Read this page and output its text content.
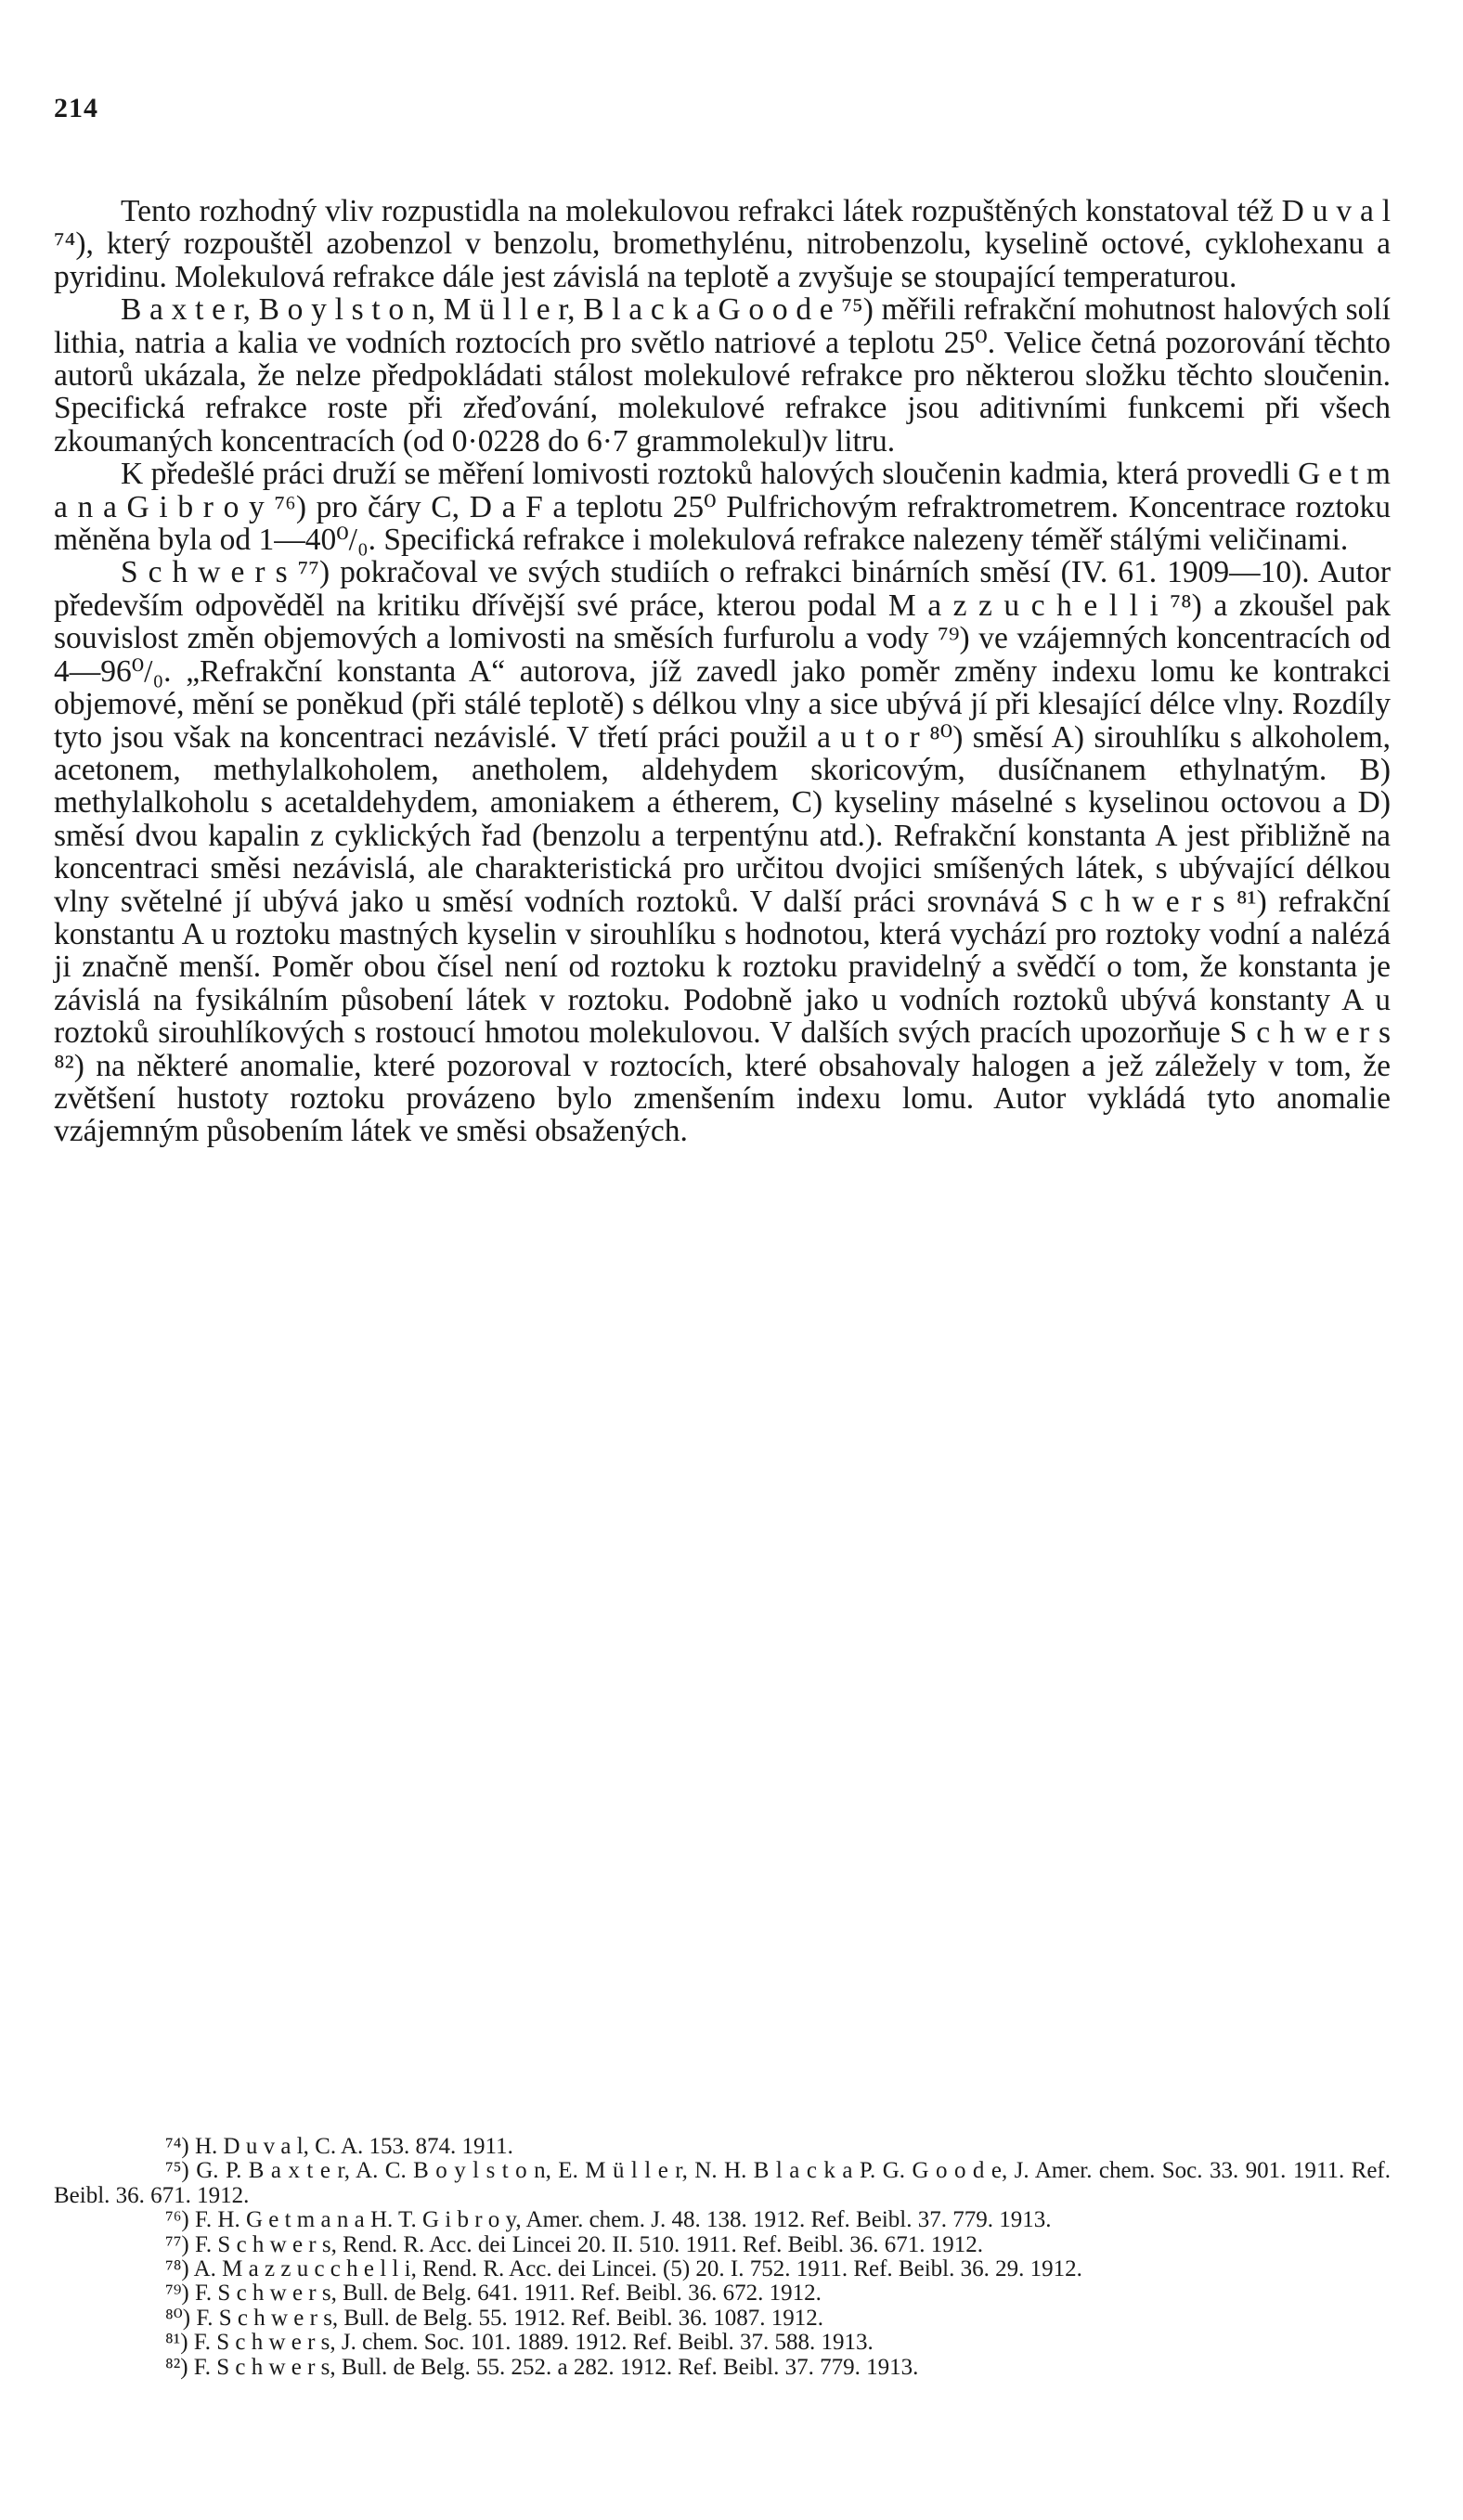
214

Tento rozhodný vliv rozpustidla na molekulovou refrakci látek rozpuštěných konstatoval též D u v a l ⁷⁴), který rozpouštěl azobenzol v benzolu, bromethylénu, nitrobenzolu, kyselině octové, cyklohexanu a pyridinu. Molekulová refrakce dále jest závislá na teplotě a zvyšuje se stoupající temperaturou.

B a x t e r, B o y l s t o n, M ü l l e r, B l a c k a G o o d e ⁷⁵) měřili refrakční mohutnost halových solí lithia, natria a kalia ve vodních roztocích pro světlo natriové a teplotu 25⁰. Velice četná pozorování těchto autorů ukázala, že nelze předpokládati stálost molekulové refrakce pro některou složku těchto sloučenin. Specifická refrakce roste při zřeďování, molekulové refrakce jsou aditivními funkcemi při všech zkoumaných koncentracích (od 0·0228 do 6·7 grammolekul)v litru.

K předešlé práci druží se měření lomivosti roztoků halových sloučenin kadmia, která provedli G e t m a n a G i b r o y ⁷⁶) pro čáry C, D a F a teplotu 25⁰ Pulfrichovým refraktrometrem. Koncentrace roztoku měněna byla od 1—40⁰/₀. Specifická refrakce i molekulová refrakce nalezeny téměř stálými veličinami.

S c h w e r s ⁷⁷) pokračoval ve svých studiích o refrakci binárních směsí (IV. 61. 1909—10). Autor především odpověděl na kritiku dřívější své práce, kterou podal M a z z u c h e l l i ⁷⁸) a zkoušel pak souvislost změn objemových a lomivosti na směsích furfurolu a vody ⁷⁹) ve vzájemných koncentracích od 4—96⁰/₀. „Refrakční konstanta A“ autorova, jíž zavedl jako poměr změny indexu lomu ke kontrakci objemové, mění se poněkud (při stálé teplotě) s délkou vlny a sice ubývá jí při klesající délce vlny. Rozdíly tyto jsou však na koncentraci nezávislé. V třetí práci použil a u t o r ⁸⁰) směsí A) sirouhlíku s alkoholem, acetonem, methylalkoholem, anetholem, aldehydem skoricovým, dusíčnanem ethylnatým. B) methylalkoholu s acetaldehydem, amoniakem a étherem, C) kyseliny máselné s kyselinou octovou a D) směsí dvou kapalin z cyklických řad (benzolu a terpentýnu atd.). Refrakční konstanta A jest přibližně na koncentraci směsi nezávislá, ale charakteristická pro určitou dvojici smíšených látek, s ubývající délkou vlny světelné jí ubývá jako u směsí vodních roztoků. V další práci srovnává S c h w e r s ⁸¹) refrakční konstantu A u roztoku mastných kyselin v sirouhlíku s hodnotou, která vychází pro roztoky vodní a nalézá ji značně menší. Poměr obou čísel není od roztoku k roztoku pravidelný a svědčí o tom, že konstanta je závislá na fysikálním působení látek v roztoku. Podobně jako u vodních roztoků ubývá konstanty A u roztoků sirouhlíkových s rostoucí hmotou molekulovou. V dalších svých pracích upozorňuje S c h w e r s ⁸²) na některé anomalie, které pozoroval v roztocích, které obsahovaly halogen a jež záležely v tom, že zvětšení hustoty roztoku provázeno bylo zmenšením indexu lomu. Autor vykládá tyto anomalie vzájemným působením látek ve směsi obsažených.

⁷⁴) H. D u v a l, C. A. 153. 874. 1911.

⁷⁵) G. P. B a x t e r, A. C. B o y l s t o n, E. M ü l l e r, N. H. B l a c k a P. G. G o o d e, J. Amer. chem. Soc. 33. 901. 1911. Ref. Beibl. 36. 671. 1912.

⁷⁶) F. H. G e t m a n a H. T. G i b r o y, Amer. chem. J. 48. 138. 1912. Ref. Beibl. 37. 779. 1913.

⁷⁷) F. S c h w e r s, Rend. R. Acc. dei Lincei 20. II. 510. 1911. Ref. Beibl. 36. 671. 1912.

⁷⁸) A. M a z z u c c h e l l i, Rend. R. Acc. dei Lincei. (5) 20. I. 752. 1911. Ref. Beibl. 36. 29. 1912.

⁷⁹) F. S c h w e r s, Bull. de Belg. 641. 1911. Ref. Beibl. 36. 672. 1912.

⁸⁰) F. S c h w e r s, Bull. de Belg. 55. 1912. Ref. Beibl. 36. 1087. 1912.

⁸¹) F. S c h w e r s, J. chem. Soc. 101. 1889. 1912. Ref. Beibl. 37. 588. 1913.

⁸²) F. S c h w e r s, Bull. de Belg. 55. 252. a 282. 1912. Ref. Beibl. 37. 779. 1913.
